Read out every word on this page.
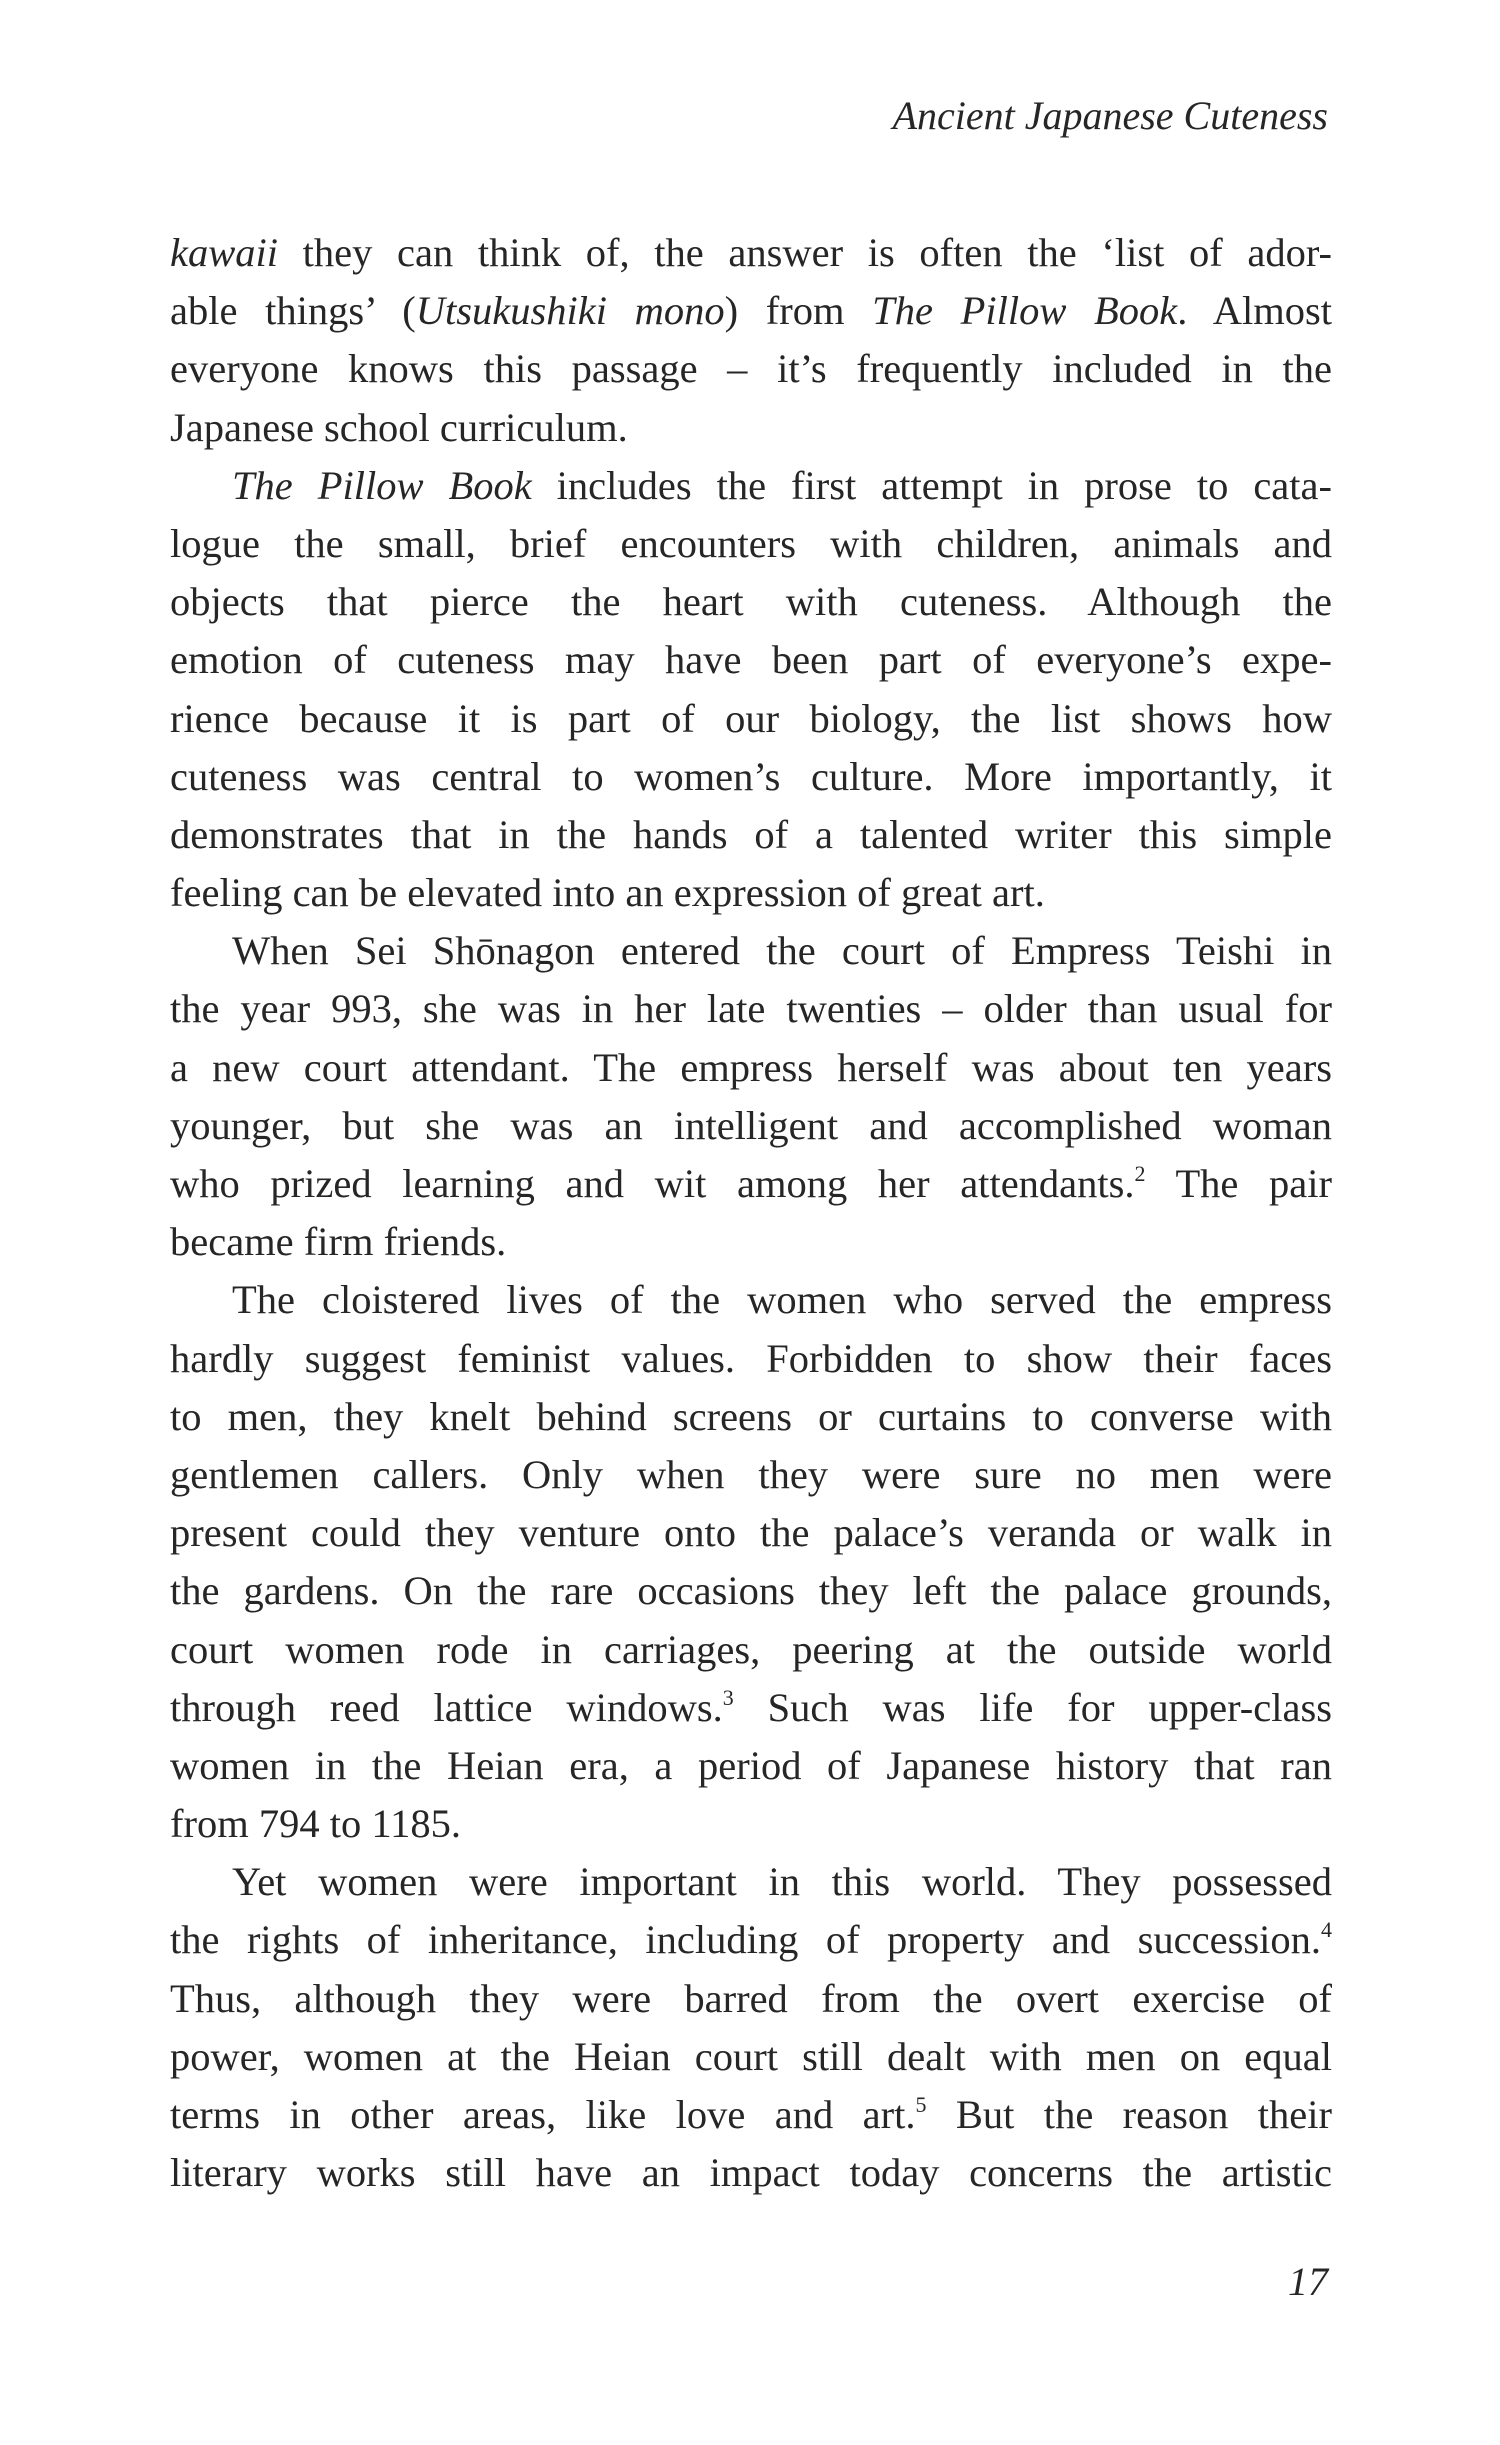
Ancient Japanese Cuteness
kawaii they can think of, the answer is often the ‘list of ador-
able things’ (Utsukushiki mono) from The Pillow Book. Almost
everyone knows this passage – it’s frequently included in the
Japanese school curriculum.
The Pillow Book includes the first attempt in prose to cata-
logue the small, brief encounters with children, animals and
objects that pierce the heart with cuteness. Although the
emotion of cuteness may have been part of everyone’s expe-
rience because it is part of our biology, the list shows how
cuteness was central to women’s culture. More importantly, it
demonstrates that in the hands of a talented writer this simple
feeling can be elevated into an expression of great art.
When Sei Shōnagon entered the court of Empress Teishi in
the year 993, she was in her late twenties – older than usual for
a new court attendant. The empress herself was about ten years
younger, but she was an intelligent and accomplished woman
who prized learning and wit among her attendants.$^2$ The pair
became firm friends.
The cloistered lives of the women who served the empress
hardly suggest feminist values. Forbidden to show their faces
to men, they knelt behind screens or curtains to converse with
gentlemen callers. Only when they were sure no men were
present could they venture onto the palace’s veranda or walk in
the gardens. On the rare occasions they left the palace grounds,
court women rode in carriages, peering at the outside world
through reed lattice windows.$^3$ Such was life for upper-class
women in the Heian era, a period of Japanese history that ran
from 794 to 1185.
Yet women were important in this world. They possessed
the rights of inheritance, including of property and succession.$^4$
Thus, although they were barred from the overt exercise of
power, women at the Heian court still dealt with men on equal
terms in other areas, like love and art.$^5$ But the reason their
literary works still have an impact today concerns the artistic
17
